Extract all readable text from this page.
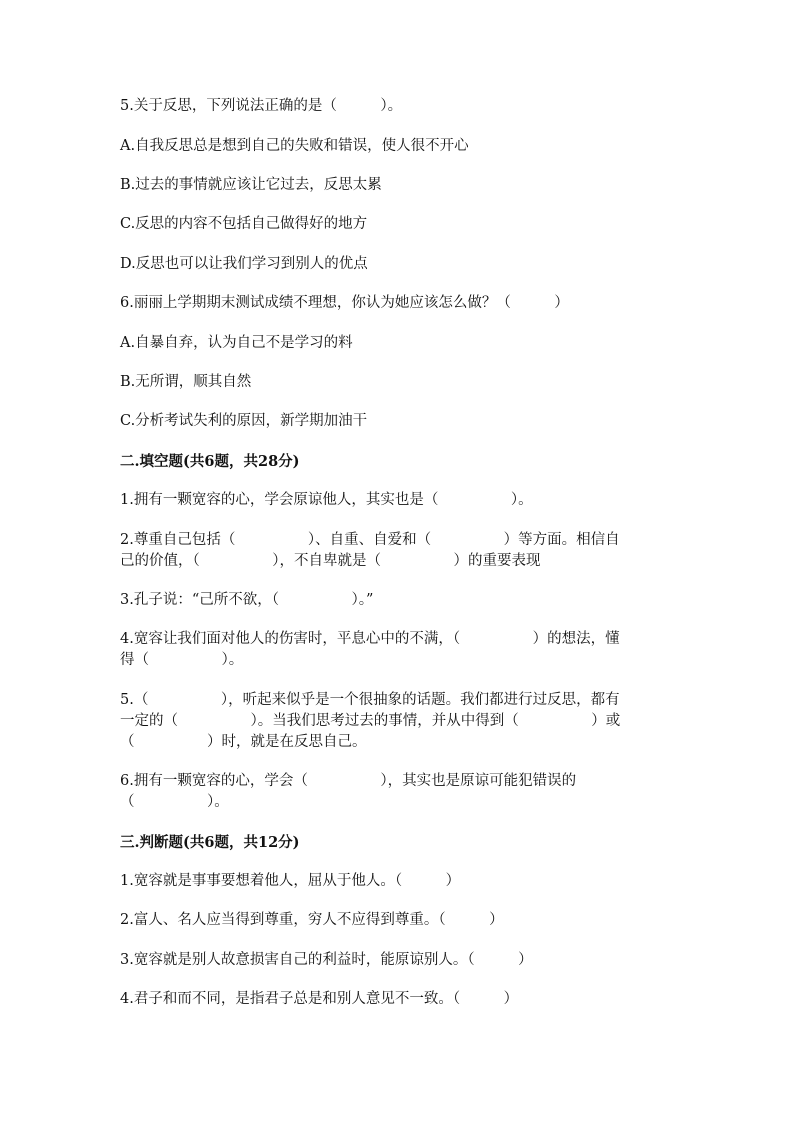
5.关于反思，下列说法正确的是（　　　）。
A.自我反思总是想到自己的失败和错误，使人很不开心
B.过去的事情就应该让它过去，反思太累
C.反思的内容不包括自己做得好的地方
D.反思也可以让我们学习到别人的优点
6.丽丽上学期期末测试成绩不理想，你认为她应该怎么做？（　　　）
A.自暴自弃，认为自己不是学习的料
B.无所谓，顺其自然
C.分析考试失利的原因，新学期加油干
二.填空题(共6题，共28分)
1.拥有一颗宽容的心，学会原谅他人，其实也是（　　　　　）。
2.尊重自己包括（　　　　　）、自重、自爱和（　　　　　）等方面。相信自
己的价值，（　　　　　），不自卑就是（　　　　　）的重要表现
3.孔子说：“己所不欲，（　　　　　）。”
4.宽容让我们面对他人的伤害时，平息心中的不满，（　　　　　）的想法，懂
得（　　　　　）。
5.（　　　　　），听起来似乎是一个很抽象的话题。我们都进行过反思，都有
一定的（　　　　　）。当我们思考过去的事情，并从中得到（　　　　　）或
（　　　　　）时，就是在反思自己。
6.拥有一颗宽容的心，学会（　　　　　），其实也是原谅可能犯错误的
（　　　　　）。
三.判断题(共6题，共12分)
1.宽容就是事事要想着他人，屈从于他人。（　　　）
2.富人、名人应当得到尊重，穷人不应得到尊重。（　　　）
3.宽容就是别人故意损害自己的利益时，能原谅别人。（　　　）
4.君子和而不同，是指君子总是和别人意见不一致。（　　　）
